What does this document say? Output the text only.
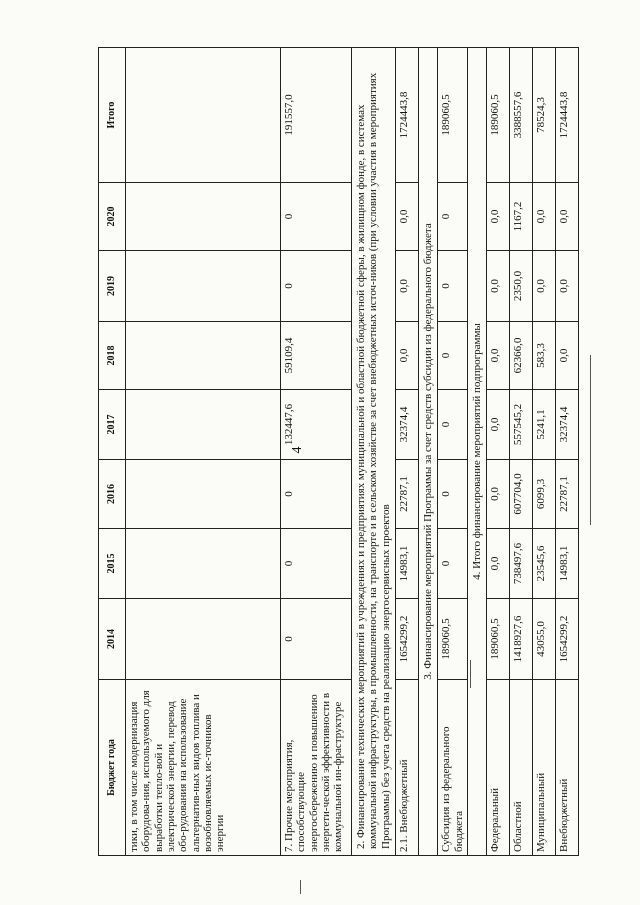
4
Бюджет года	2014	2015	2016	2017	2018	2019	2020	Итого
тики, в том числе модернизация оборудова-ния, используемого для выработки тепло-вой и электрической энергии, перевод обо-рудования на использование альтернатив-ных видов топлива и возобновляемых ис-точников энергии								
7. Прочие мероприятия, способствующие энергосбережению и повышению энергети-ческой эффективности в коммунальной ин-фраструктуре	0	0	0	132447,6	59109,4	0	0	191557,0
2. Финансирование технических мероприятий в учреждениях и предприятиях муниципальной и областной бюджетной сферы, в жилищном фонде, в системах коммунальной инфраструктуры, в промышленности, на транспорте и в сельском хозяйстве за счет внебюджетных источ-ников (при условии участия в мероприятиях Программы) без учета средств на реализацию энергосервисных проектов								
2.1. Внебюджетный	1654299,2	14983,1	22787,1	32374,4	0,0	0,0	0,0	1724443,8
3. Финансирование мероприятий Программы за счет средств субсидии из федерального бюджета								
Субсидия из федерального бюджета	189060,5	0	0	0	0	0	0	189060,5
4. Итого финансирование мероприятий подпрограммы								
Федеральный	189060,5	0,0	0,0	0,0	0,0	0,0	0,0	189060,5
Областной	1418927,6	738497,6	607704,0	557545,2	62366,0	2350,0	1167,2	3388557,6
Муниципальный	43055,0	23545,6	6099,3	5241,1	583,3	0,0	0,0	78524,3
Внебюджетный	1654299,2	14983,1	22787,1	32374,4	0,0	0,0	0,0	1724443,8
